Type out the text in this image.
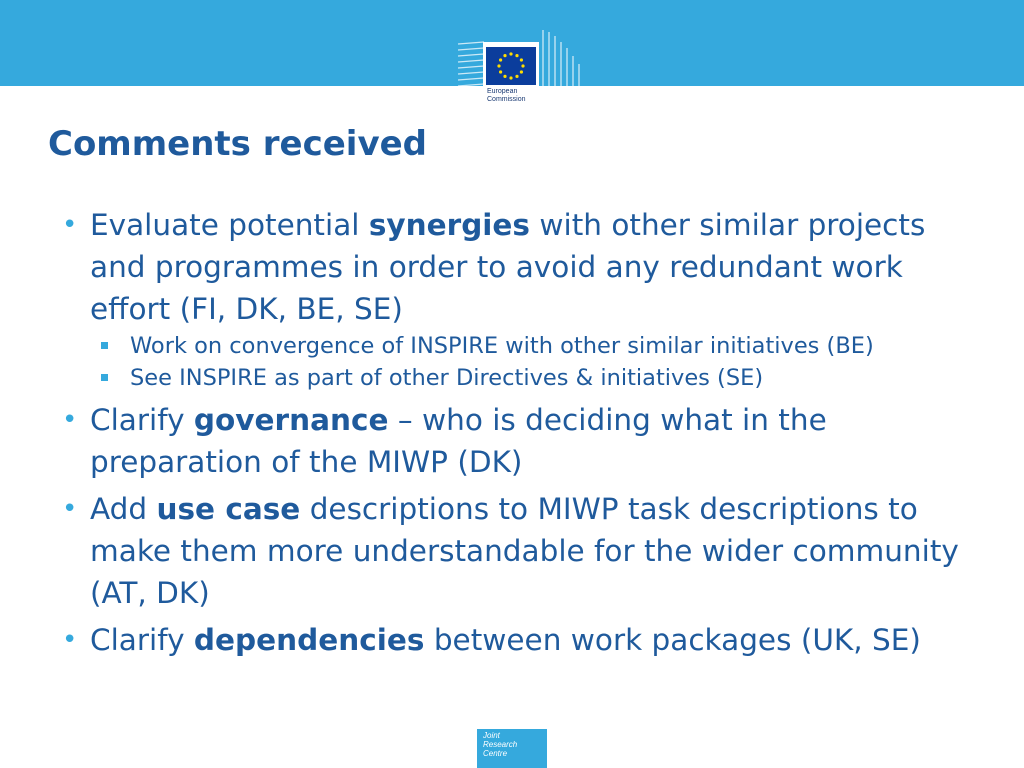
European
Commission
Comments received
• Evaluate potential synergies with other similar projects and programmes in order to avoid any redundant work effort (FI, DK, BE, SE)
Work on convergence of INSPIRE with other similar initiatives (BE)
See INSPIRE as part of other Directives & initiatives (SE)
• Clarify governance – who is deciding what in the preparation of the MIWP (DK)
• Add use case descriptions to MIWP task descriptions to make them more understandable for the wider community (AT, DK)
• Clarify dependencies between work packages (UK, SE)
Joint
Research
Centre
